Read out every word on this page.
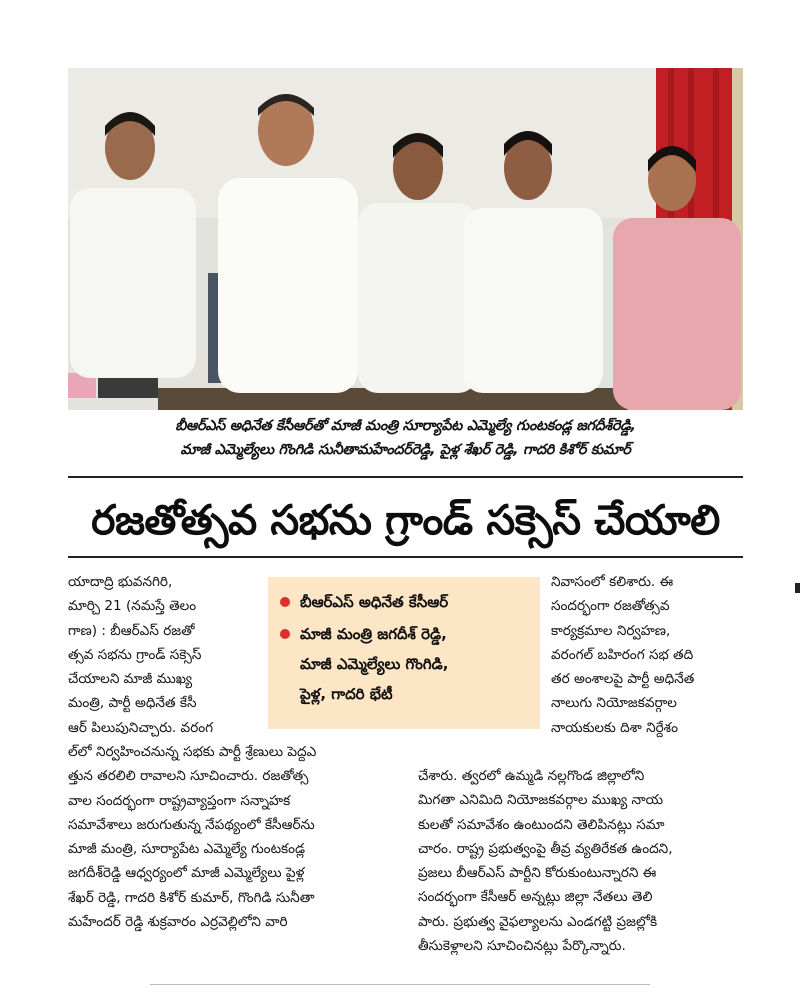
బీఆర్ఎస్ అధినేత కేసీఆర్‌తో మాజీ మంత్రి సూర్యాపేట ఎమ్మెల్యే గుంటకండ్ల జగదీశ్‌రెడ్డి,
మాజీ ఎమ్మెల్యేలు గొంగిడి సునీతామహేందర్‌రెడ్డి, పైళ్ల శేఖర్ రెడ్డి, గాదరి కిశోర్ కుమార్
రజతోత్సవ సభను గ్రాండ్ సక్సెస్ చేయాలి
యాదాద్రి భువనగిరి,
మార్చి 21 (నమస్తే తెలం
గాణ) : బీఆర్ఎస్ రజతో
త్సవ సభను గ్రాండ్ సక్సెస్
చేయాలని మాజీ ముఖ్య
మంత్రి, పార్టీ అధినేత కేసీ
ఆర్ పిలుపునిచ్చారు. వరంగ
బీఆర్ఎస్ అధినేత కేసీఆర్
మాజీ మంత్రి జగదీశ్ రెడ్డి,
మాజీ ఎమ్మెల్యేలు గొంగిడి,
పైళ్ల, గాదరి భేటీ
నివాసంలో కలిశారు. ఈ
సందర్భంగా రజతోత్సవ
కార్యక్రమాల నిర్వహణ,
వరంగల్ బహిరంగ సభ తది
తర అంశాలపై పార్టీ అధినేత
నాలుగు నియోజకవర్గాల
నాయకులకు దిశా నిర్దేశం
ల్‌లో నిర్వహించనున్న సభకు పార్టీ శ్రేణులు పెద్దఎ
త్తున తరలిలి రావాలని సూచించారు. రజతోత్స
వాల సందర్భంగా రాష్ట్రవ్యాప్తంగా సన్నాహక
సమావేశాలు జరుగుతున్న నేపథ్యంలో కేసీఆర్‌ను
మాజీ మంత్రి, సూర్యాపేట ఎమ్మెల్యే గుంటకండ్ల
జగదీశ్‌రెడ్డి ఆధ్వర్యంలో మాజీ ఎమ్మెల్యేలు పైళ్ల
శేఖర్ రెడ్డి, గాదరి కిశోర్ కుమార్, గొంగిడి సునీతా
మహేందర్ రెడ్డి శుక్రవారం ఎర్రవెల్లిలోని వారి
చేశారు. త్వరలో ఉమ్మడి నల్లగొండ జిల్లాలోని
మిగతా ఎనిమిది నియోజకవర్గాల ముఖ్య నాయ
కులతో సమావేశం ఉంటుందని తెలిపినట్లు సమా
చారం. రాష్ట్ర ప్రభుత్వంపై తీవ్ర వ్యతిరేకత ఉందని,
ప్రజలు బీఆర్ఎస్ పార్టీని కోరుకుంటున్నారని ఈ
సందర్భంగా కేసీఆర్ అన్నట్లు జిల్లా నేతలు తెలి
పారు. ప్రభుత్వ వైఫల్యాలను ఎండగట్టి ప్రజల్లోకి
తీసుకెళ్లాలని సూచించినట్లు పేర్కొన్నారు.
